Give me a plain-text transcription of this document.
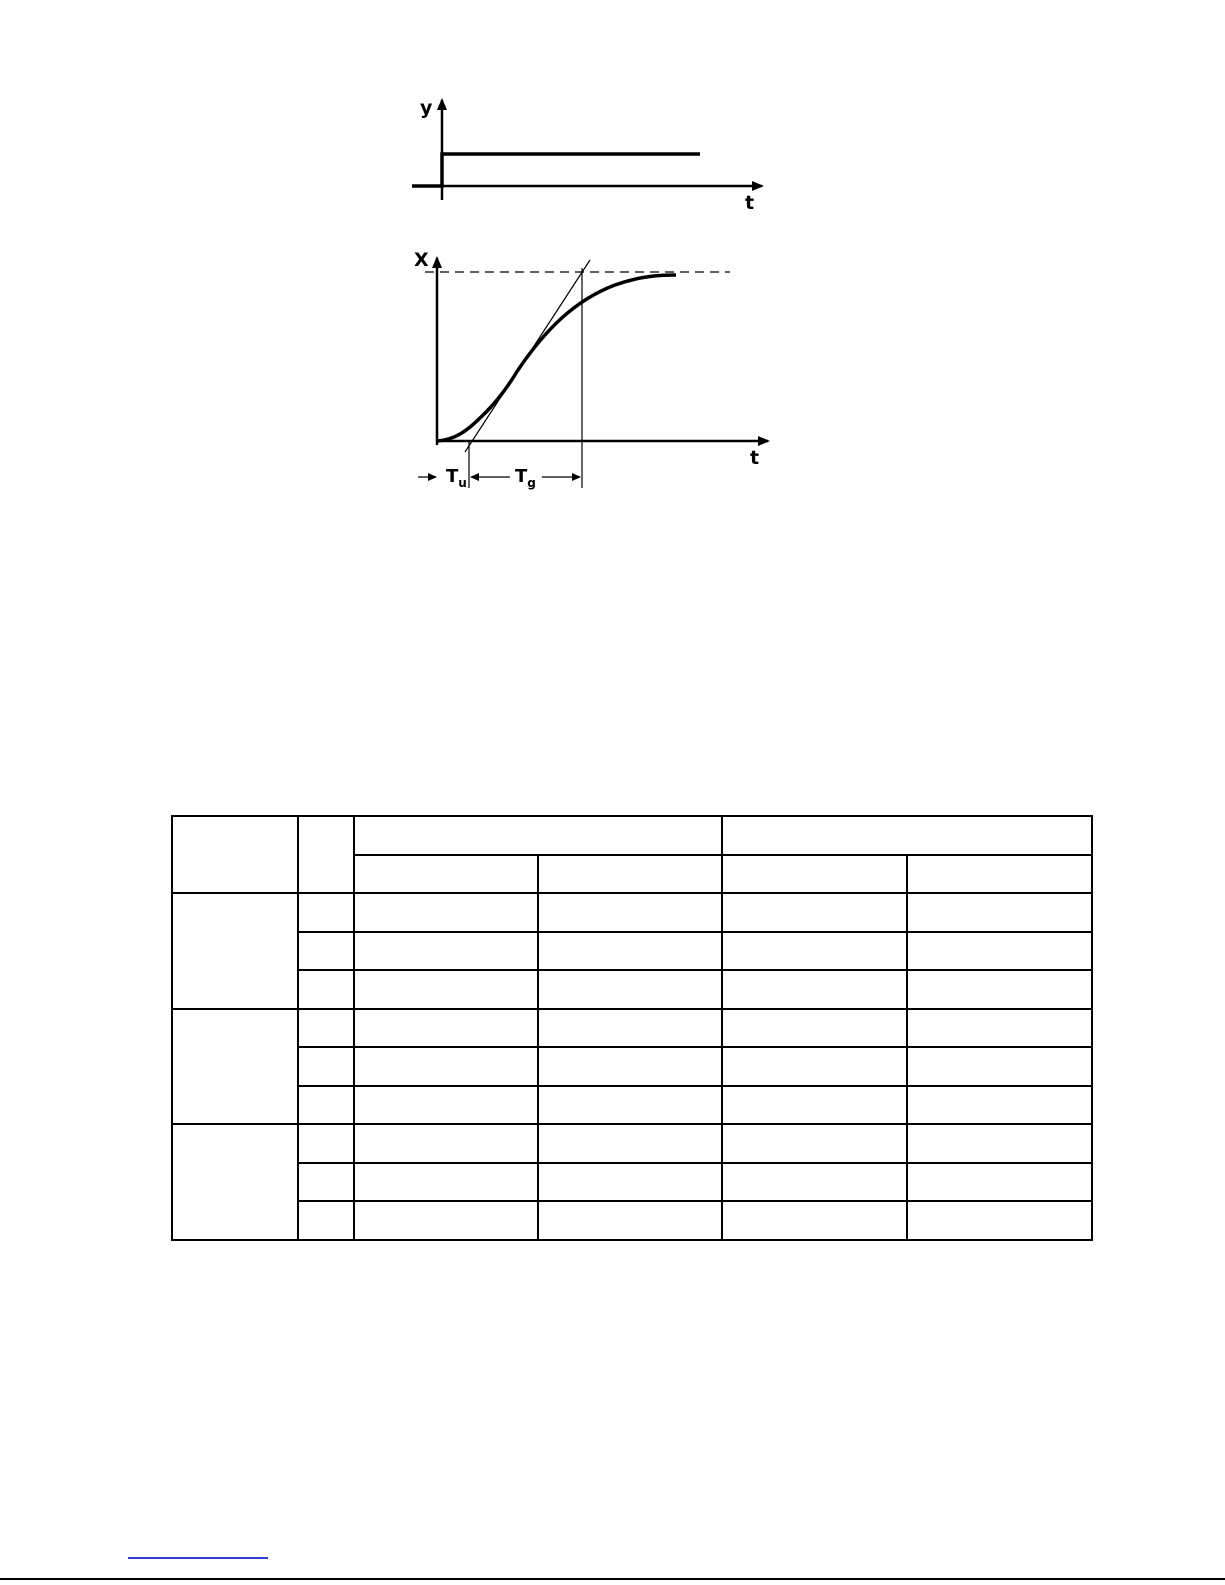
y
t
X
t
$T_u$	$T_g$
